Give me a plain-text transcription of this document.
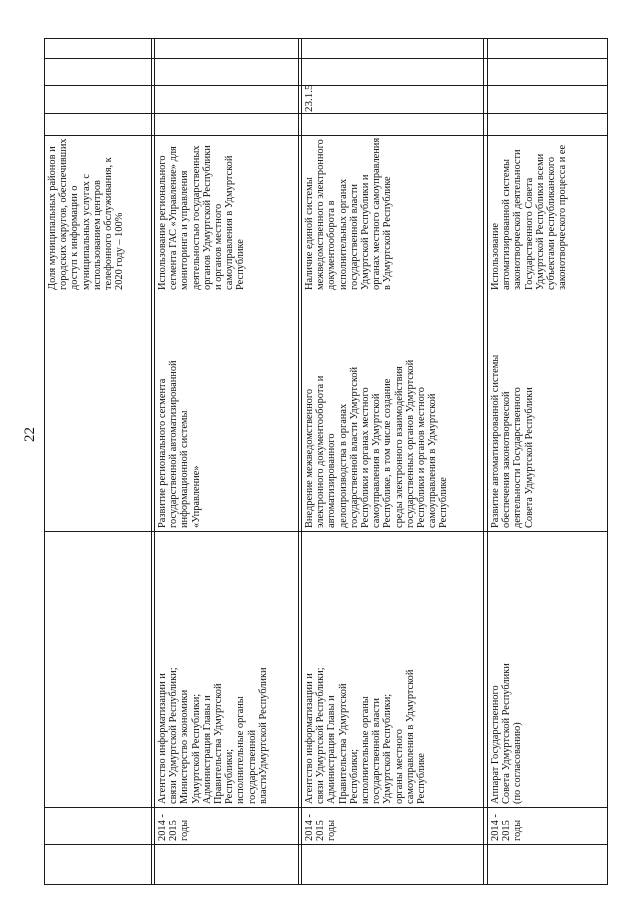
22
Доля муниципальных районов и
городских округов, обеспечивших
доступ к информации о
муниципальных услугах с
использованием центров
телефонного обслуживания, к
2020 году – 100%
Развитие регионального сегмента
государственной автоматизированной
информационной системы
«Управление»
Агентство информатизации и
связи Удмуртской Республики;
Министерство экономики
Удмуртской Республики;
Администрация Главы и
Правительства Удмуртской
Республики;
исполнительные органы
государственной
властиУдмуртской Республики
2014 -
2015
годы
Использование регионального
сегмента ГАС «Управление» для
мониторинга и управления
деятельностью государственных
органов Удмуртской Республики
и органов местного
самоуправления в Удмуртской
Республике
23.1.5
Внедрение межведомственного
электронного документооборота и
автоматизированного
делопроизводства в органах
государственной власти Удмуртской
Республики и органах местного
самоуправления в Удмуртской
Республике, в том числе создание
среды электронного взаимодействия
государственных органов Удмуртской
Республики и органов местного
самоуправления в Удмуртской
Республике
Агентство информатизации и
связи Удмуртской Республики;
Администрация Главы и
Правительства Удмуртской
Республики;
исполнительные органы
государственной власти
Удмуртской Республики;
органы местного
самоуправления в Удмуртской
Республике
2014 -
2015
годы
Наличие единой системы
межведомственного электронного
документооборота в
исполнительных органах
государственной власти
Удмуртской Республики и
органах местного самоуправления
в Удмуртской Республике
Развитие автоматизированной системы
обеспечения законотворческой
деятельности Государственного
Совета Удмуртской Республики
Аппарат Государственного
Совета Удмуртской Республики
(по согласованию)
2014 -
2015
годы
Использование
автоматизированной системы
законотворческой деятельности
Государственного Совета
Удмуртской Республики всеми
субъектами республиканского
законотворческого процесса и ее
